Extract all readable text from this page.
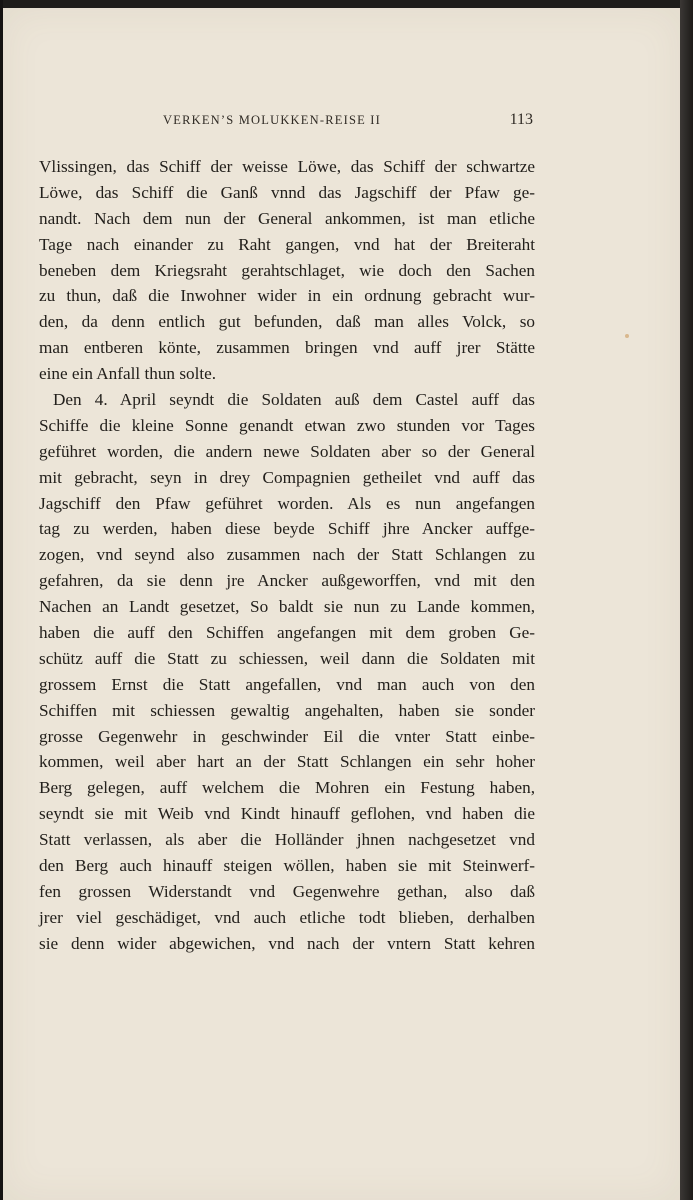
VERKEN’S MOLUKKEN-REISE II	113
Vlissingen, das Schiff der weisse Löwe, das Schiff der schwartze
Löwe, das Schiff die Ganß vnnd das Jagschiff der Pfaw ge-
nandt. Nach dem nun der General ankommen, ist man etliche
Tage nach einander zu Raht gangen, vnd hat der Breiteraht
beneben dem Kriegsraht gerahtschlaget, wie doch den Sachen
zu thun, daß die Inwohner wider in ein ordnung gebracht wur-
den, da denn entlich gut befunden, daß man alles Volck, so
man entberen könte, zusammen bringen vnd auff jrer Stätte
eine ein Anfall thun solte.
Den 4. April seyndt die Soldaten auß dem Castel auff das
Schiffe die kleine Sonne genandt etwan zwo stunden vor Tages
geführet worden, die andern newe Soldaten aber so der General
mit gebracht, seyn in drey Compagnien getheilet vnd auff das
Jagschiff den Pfaw geführet worden. Als es nun angefangen
tag zu werden, haben diese beyde Schiff jhre Ancker auffge-
zogen, vnd seynd also zusammen nach der Statt Schlangen zu
gefahren, da sie denn jre Ancker außgeworffen, vnd mit den
Nachen an Landt gesetzet, So baldt sie nun zu Lande kommen,
haben die auff den Schiffen angefangen mit dem groben Ge-
schütz auff die Statt zu schiessen, weil dann die Soldaten mit
grossem Ernst die Statt angefallen, vnd man auch von den
Schiffen mit schiessen gewaltig angehalten, haben sie sonder
grosse Gegenwehr in geschwinder Eil die vnter Statt einbe-
kommen, weil aber hart an der Statt Schlangen ein sehr hoher
Berg gelegen, auff welchem die Mohren ein Festung haben,
seyndt sie mit Weib vnd Kindt hinauff geflohen, vnd haben die
Statt verlassen, als aber die Holländer jhnen nachgesetzet vnd
den Berg auch hinauff steigen wöllen, haben sie mit Steinwerf-
fen grossen Widerstandt vnd Gegenwehre gethan, also daß
jrer viel geschädiget, vnd auch etliche todt blieben, derhalben
sie denn wider abgewichen, vnd nach der vntern Statt kehren
